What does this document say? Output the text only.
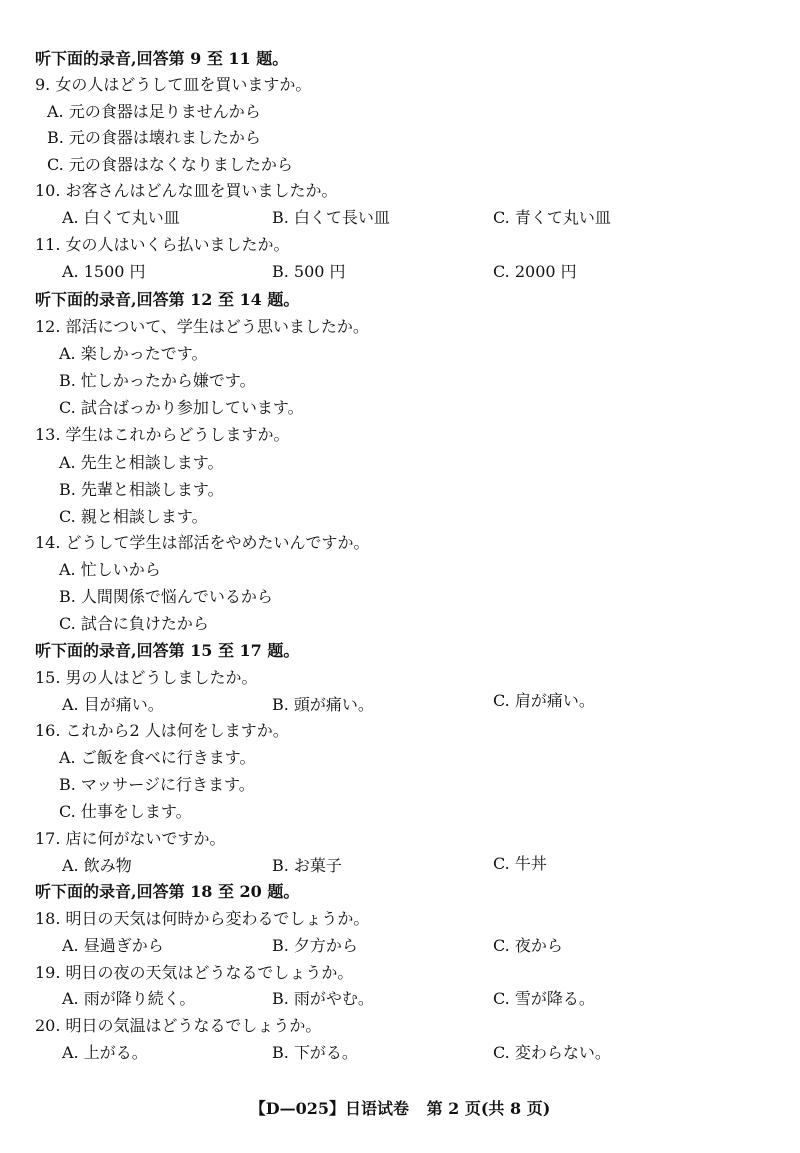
听下面的录音,回答第 9 至 11 题。
9. 女の人はどうして皿を買いますか。
A. 元の食器は足りませんから
B. 元の食器は壊れましたから
C. 元の食器はなくなりましたから
10. お客さんはどんな皿を買いましたか。
A. 白くて丸い皿	B. 白くて長い皿	C. 青くて丸い皿
11. 女の人はいくら払いましたか。
A. 1500 円	B. 500 円	C. 2000 円
听下面的录音,回答第 12 至 14 题。
12. 部活について、学生はどう思いましたか。
A. 楽しかったです。
B. 忙しかったから嫌です。
C. 試合ばっかり参加しています。
13. 学生はこれからどうしますか。
A. 先生と相談します。
B. 先輩と相談します。
C. 親と相談します。
14. どうして学生は部活をやめたいんですか。
A. 忙しいから
B. 人間関係で悩んでいるから
C. 試合に負けたから
听下面的录音,回答第 15 至 17 题。
15. 男の人はどうしましたか。
A. 目が痛い。	B. 頭が痛い。	C. 肩が痛い。
16. これから2 人は何をしますか。
A. ご飯を食べに行きます。
B. マッサージに行きます。
C. 仕事をします。
17. 店に何がないですか。
A. 飲み物	B. お菓子	C. 牛丼
听下面的录音,回答第 18 至 20 题。
18. 明日の天気は何時から変わるでしょうか。
A. 昼過ぎから	B. 夕方から	C. 夜から
19. 明日の夜の天気はどうなるでしょうか。
A. 雨が降り続く。	B. 雨がやむ。	C. 雪が降る。
20. 明日の気温はどうなるでしょうか。
A. 上がる。	B. 下がる。	C. 変わらない。
【D—025】日语试卷 第 2 页(共 8 页)
